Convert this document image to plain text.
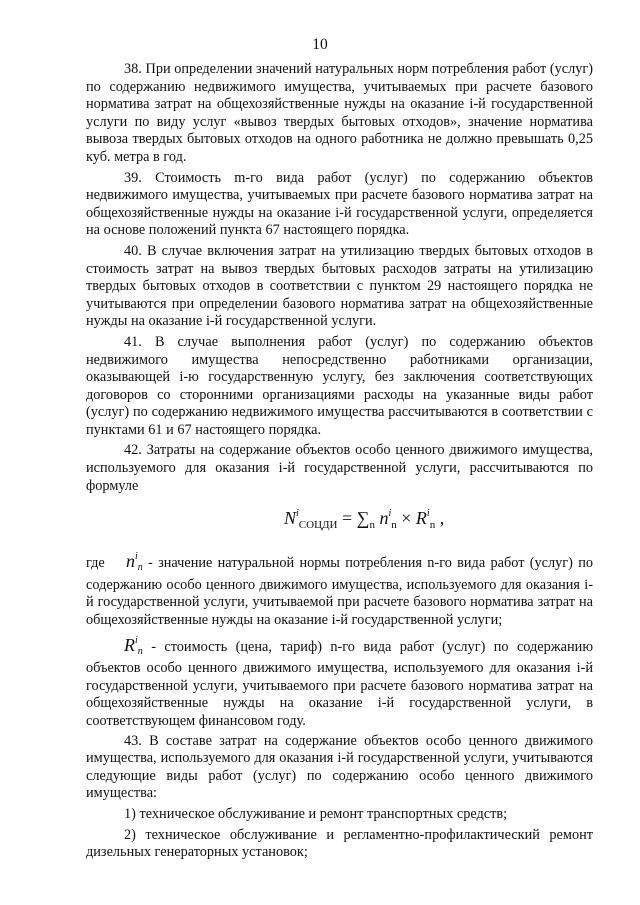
10

38. При определении значений натуральных норм потребления работ (услуг) по содержанию недвижимого имущества, учитываемых при расчете базового норматива затрат на общехозяйственные нужды на оказание i-й государственной услуги по виду услуг «вывоз твердых бытовых отходов», значение норматива вывоза твердых бытовых отходов на одного работника не должно превышать 0,25 куб. метра в год.

39. Стоимость m-го вида работ (услуг) по содержанию объектов недвижимого имущества, учитываемых при расчете базового норматива затрат на общехозяйственные нужды на оказание i-й государственной услуги, определяется на основе положений пункта 67 настоящего порядка.

40. В случае включения затрат на утилизацию твердых бытовых отходов в стоимость затрат на вывоз твердых бытовых расходов затраты на утилизацию твердых бытовых отходов в соответствии с пунктом 29 настоящего порядка не учитываются при определении базового норматива затрат на общехозяйственные нужды на оказание i-й государственной услуги.

41. В случае выполнения работ (услуг) по содержанию объектов недвижимого имущества непосредственно работниками организации, оказывающей i-ю государственную услугу, без заключения соответствующих договоров со сторонними организациями расходы на указанные виды работ (услуг) по содержанию недвижимого имущества рассчитываются в соответствии с пунктами 61 и 67 настоящего порядка.

42. Затраты на содержание объектов особо ценного движимого имущества, используемого для оказания i-й государственной услуги, рассчитываются по формуле

$N^i_{СОЦДИ} = \sum_n$ $n^i_n \times R^i_n$ ,

где $n^i_n$ - значение натуральной нормы потребления n-го вида работ (услуг) по содержанию особо ценного движимого имущества, используемого для оказания i-й государственной услуги, учитываемой при расчете базового норматива затрат на общехозяйственные нужды на оказание i-й государственной услуги;

$R^i_n$ - стоимость (цена, тариф) n-го вида работ (услуг) по содержанию объектов особо ценного движимого имущества, используемого для оказания i-й государственной услуги, учитываемого при расчете базового норматива затрат на общехозяйственные нужды на оказание i-й государственной услуги, в соответствующем финансовом году.

43. В составе затрат на содержание объектов особо ценного движимого имущества, используемого для оказания i-й государственной услуги, учитываются следующие виды работ (услуг) по содержанию особо ценного движимого имущества:

1) техническое обслуживание и ремонт транспортных средств;

2) техническое обслуживание и регламентно-профилактический ремонт дизельных генераторных установок;
